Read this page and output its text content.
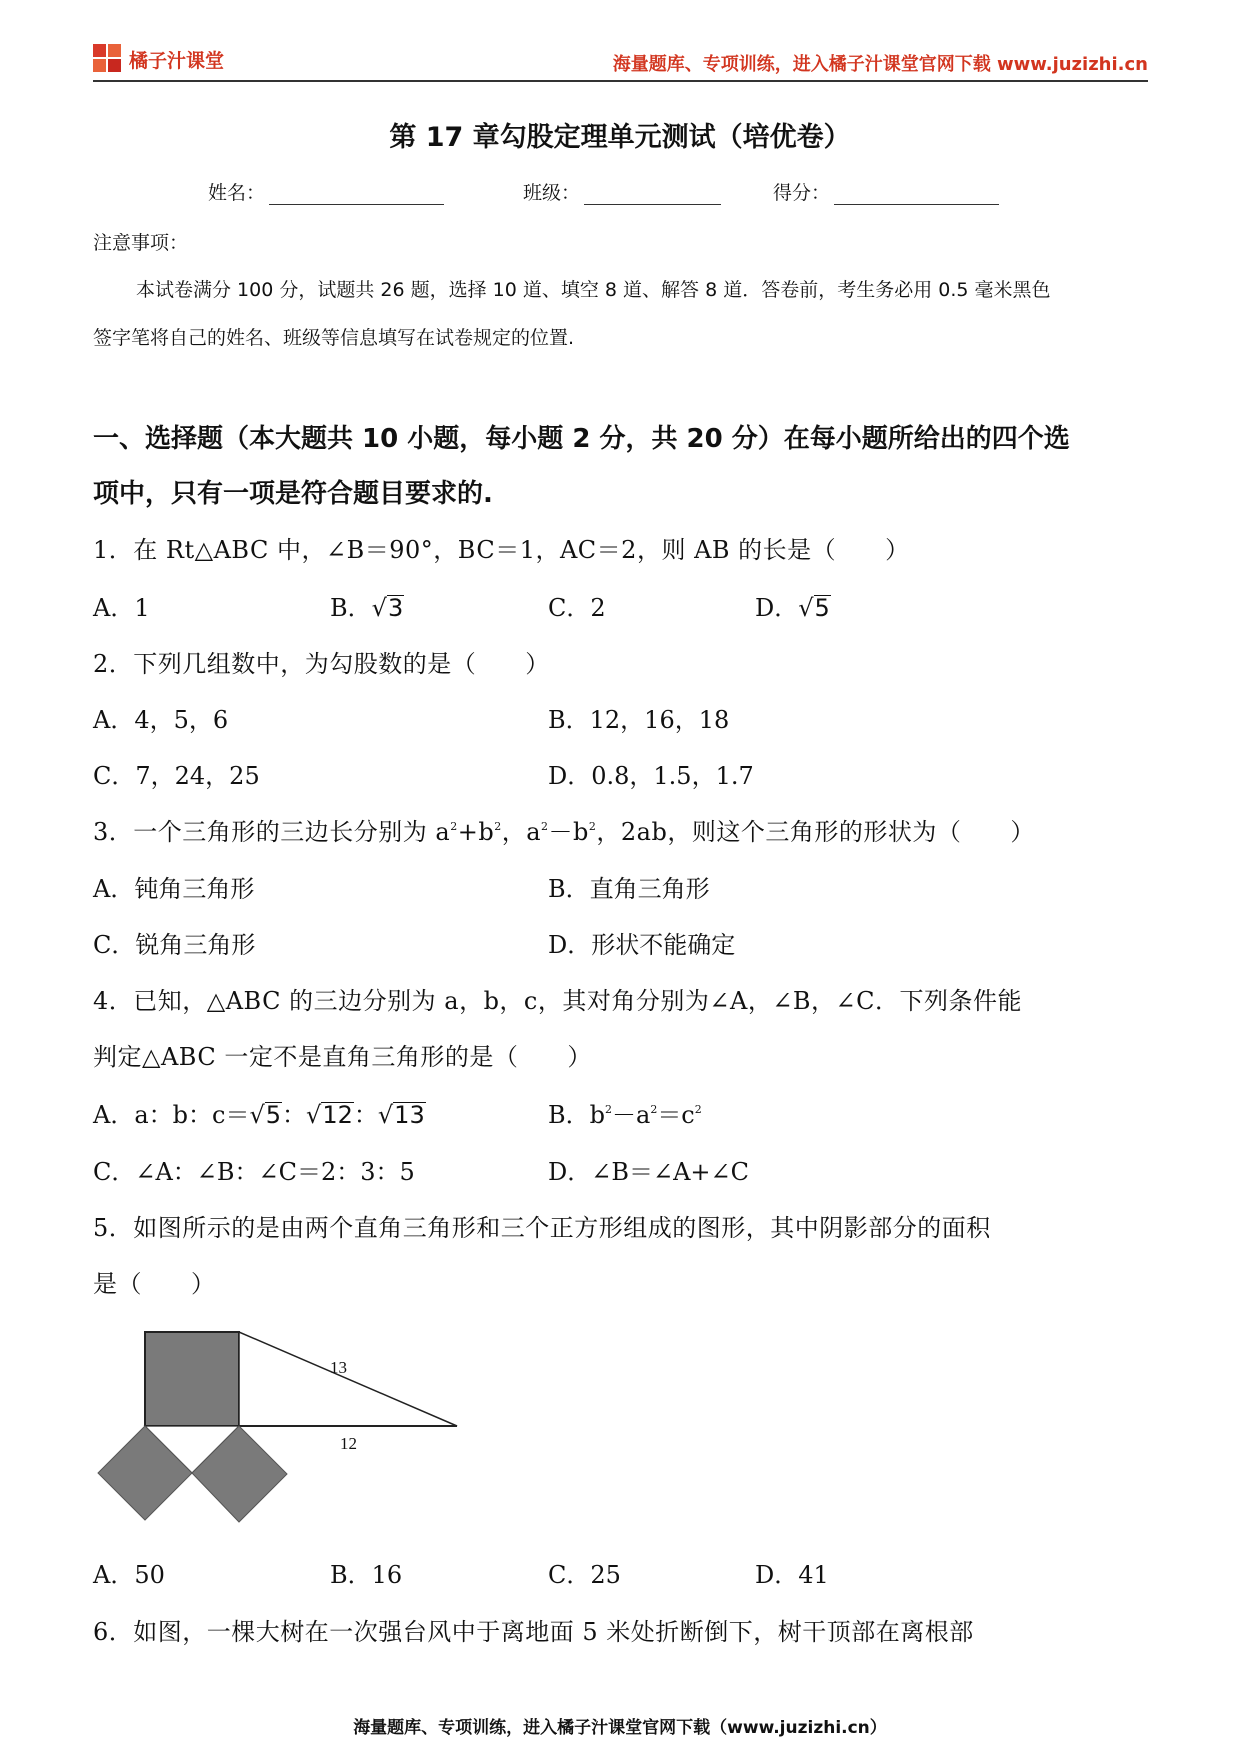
橘子汁课堂	海量题库、专项训练，进入橘子汁课堂官网下载 www.juzizhi.cn
第 17 章勾股定理单元测试（培优卷）
姓名：	班级：	得分：
注意事项：
本试卷满分 100 分，试题共 26 题，选择 10 道、填空 8 道、解答 8 道．答卷前，考生务必用 0.5 毫米黑色
签字笔将自己的姓名、班级等信息填写在试卷规定的位置.
一、选择题（本大题共 10 小题，每小题 2 分，共 20 分）在每小题所给出的四个选
项中，只有一项是符合题目要求的.
1．在 Rt△ABC 中，∠B＝90°，BC＝1，AC＝2，则 AB 的长是（　　）
A．1	B．√3	C．2	D．√5
2．下列几组数中，为勾股数的是（　　）
A．4，5，6	B．12，16，18
C．7，24，25	D．0.8，1.5，1.7
3．一个三角形的三边长分别为 $a^2+b^2$，$a^2-b^2$，2ab，则这个三角形的形状为（　　）
A．钝角三角形	B．直角三角形
C．锐角三角形	D．形状不能确定
4．已知，△ABC 的三边分别为 a，b，c，其对角分别为∠A，∠B，∠C．下列条件能
判定△ABC 一定不是直角三角形的是（　　）
A．a：b：c＝√5：√12：√13	B．$b^2-a^2=c^2$
C．∠A：∠B：∠C＝2：3：5	D．∠B＝∠A+∠C
5．如图所示的是由两个直角三角形和三个正方形组成的图形，其中阴影部分的面积
是（　　）
13
12
A．50	B．16	C．25	D．41
6．如图，一棵大树在一次强台风中于离地面 5 米处折断倒下，树干顶部在离根部
海量题库、专项训练，进入橘子汁课堂官网下载（www.juzizhi.cn）
